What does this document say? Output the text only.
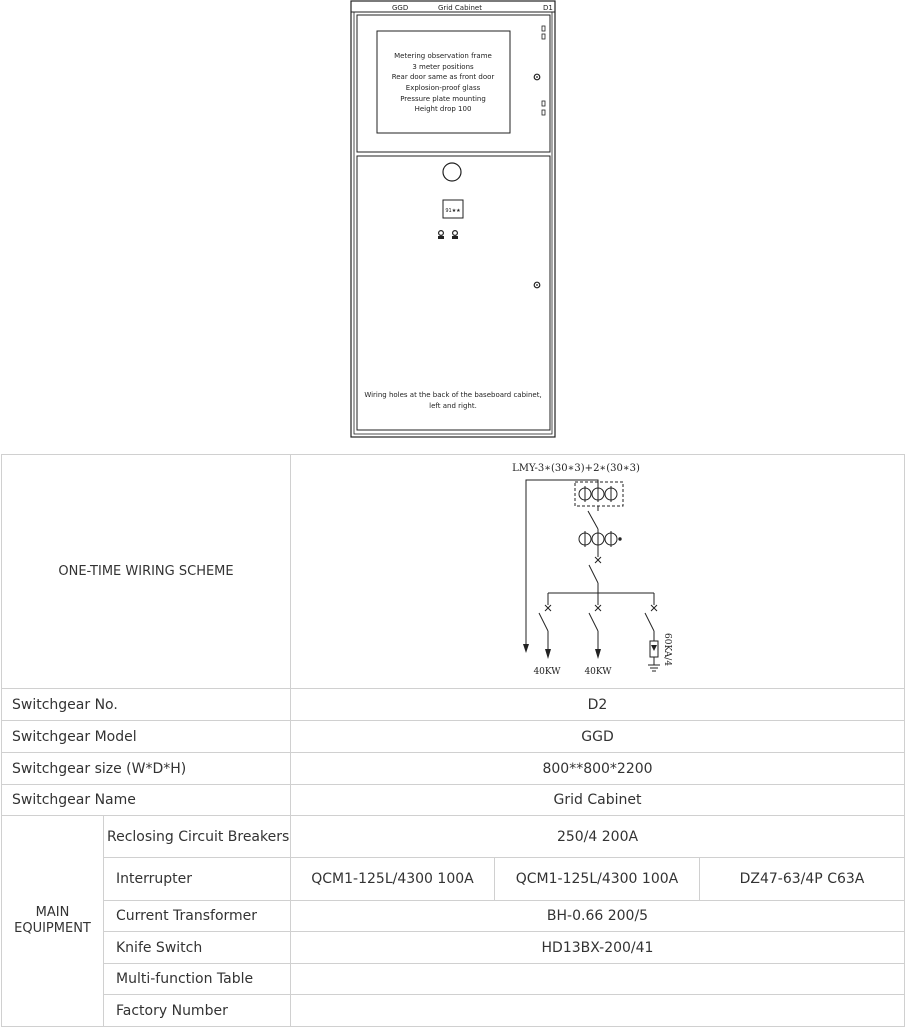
GGD	Grid Cabinet	D1
Metering observation frame
3 meter positions
Rear door same as front door
Explosion-proof glass
Pressure plate mounting
Height drop 100
91★★
Wiring holes at the back of the baseboard cabinet,
left and right.
ONE-TIME WIRING SCHEME		LMY-3∗(30∗3)+2∗(30∗3)
40KW 40KW
60KA/4		

Switchgear No.		D2		
Switchgear Model		GGD		
Switchgear size (W*D*H)		800**800*2200		
Switchgear Name		Grid Cabinet		
MAIN EQUIPMENT	Reclosing Circuit Breakers	250/4 200A		
	Interrupter	QCM1-125L/4300 100A	QCM1-125L/4300 100A	DZ47-63/4P C63A
	Current Transformer	BH-0.66 200/5		
	Knife Switch	HD13BX-200/41		
	Multi-function Table			
	Factory Number			
